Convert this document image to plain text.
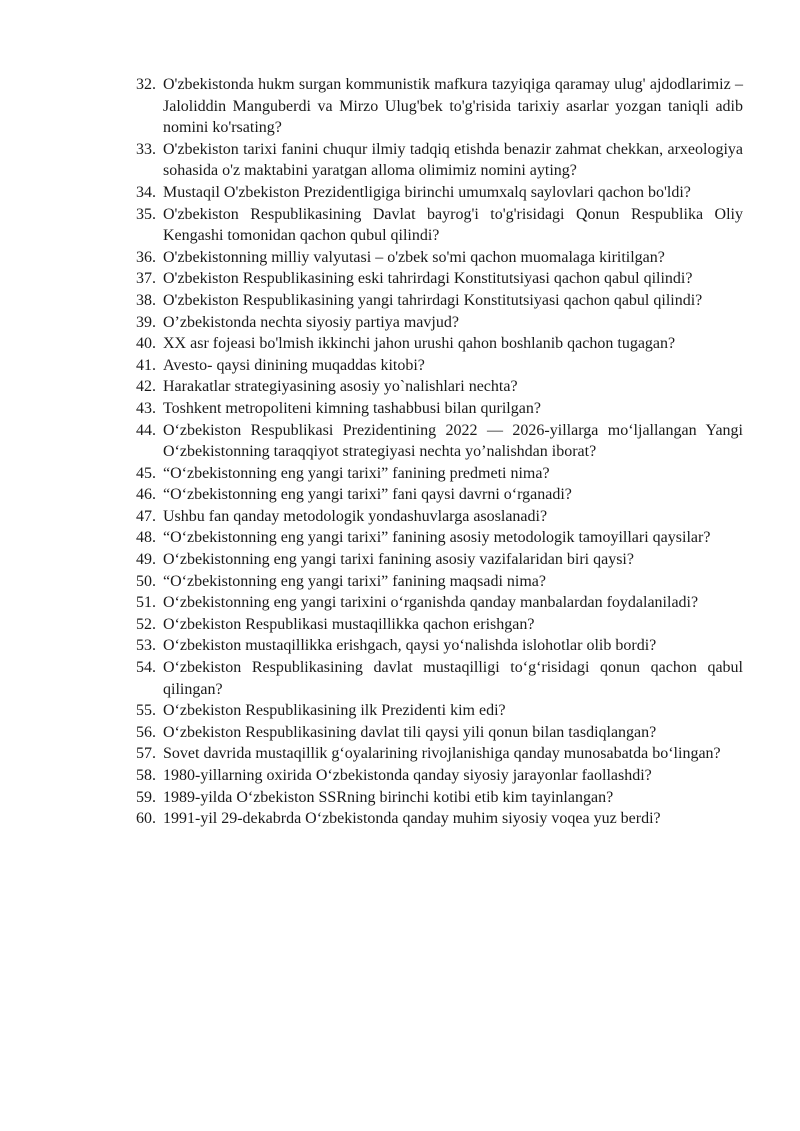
32. O'zbekistonda hukm surgan kommunistik mafkura tazyiqiga qaramay ulug' ajdodlarimiz – Jaloliddin Manguberdi va Mirzo Ulug'bek to'g'risida tarixiy asarlar yozgan taniqli adib nomini ko'rsating?
33. O'zbekiston tarixi fanini chuqur ilmiy tadqiq etishda benazir zahmat chekkan, arxeologiya sohasida o'z maktabini yaratgan alloma olimimiz nomini ayting?
34. Mustaqil O'zbekiston Prezidentligiga birinchi umumxalq saylovlari qachon bo'ldi?
35. O'zbekiston Respublikasining Davlat bayrog'i to'g'risidagi Qonun Respublika Oliy Kengashi tomonidan qachon qubul qilindi?
36. O'zbekistonning milliy valyutasi – o'zbek so'mi qachon muomalaga kiritilgan?
37. O'zbekiston Respublikasining eski tahrirdagi Konstitutsiyasi qachon qabul qilindi?
38. O'zbekiston Respublikasining yangi tahrirdagi Konstitutsiyasi qachon qabul qilindi?
39. O’zbekistonda nechta siyosiy partiya mavjud?
40. XX asr fojeasi bo'lmish ikkinchi jahon urushi qahon boshlanib qachon tugagan?
41. Avesto- qaysi dinining muqaddas kitobi?
42. Harakatlar strategiyasining asosiy yo`nalishlari nechta?
43. Toshkent metropoliteni kimning tashabbusi bilan qurilgan?
44. O‘zbekiston Respublikasi Prezidentining 2022 — 2026-yillarga mo‘ljallangan Yangi O‘zbekistonning taraqqiyot strategiyasi nechta yo’nalishdan iborat?
45. “O‘zbekistonning eng yangi tarixi” fanining predmeti nima?
46. “O‘zbekistonning eng yangi tarixi” fani qaysi davrni o‘rganadi?
47. Ushbu fan qanday metodologik yondashuvlarga asoslanadi?
48. “O‘zbekistonning eng yangi tarixi” fanining asosiy metodologik tamoyillari qaysilar?
49. O‘zbekistonning eng yangi tarixi fanining asosiy vazifalaridan biri qaysi?
50. “O‘zbekistonning eng yangi tarixi” fanining maqsadi nima?
51. O‘zbekistonning eng yangi tarixini o‘rganishda qanday manbalardan foydalaniladi?
52. O‘zbekiston Respublikasi mustaqillikka qachon erishgan?
53. O‘zbekiston mustaqillikka erishgach, qaysi yo‘nalishda islohotlar olib bordi?
54. O‘zbekiston Respublikasining davlat mustaqilligi to‘g‘risidagi qonun qachon qabul qilingan?
55. O‘zbekiston Respublikasining ilk Prezidenti kim edi?
56. O‘zbekiston Respublikasining davlat tili qaysi yili qonun bilan tasdiqlangan?
57. Sovet davrida mustaqillik g‘oyalarining rivojlanishiga qanday munosabatda bo‘lingan?
58. 1980-yillarning oxirida O‘zbekistonda qanday siyosiy jarayonlar faollashdi?
59. 1989-yilda O‘zbekiston SSRning birinchi kotibi etib kim tayinlangan?
60. 1991-yil 29-dekabrda O‘zbekistonda qanday muhim siyosiy voqea yuz berdi?
